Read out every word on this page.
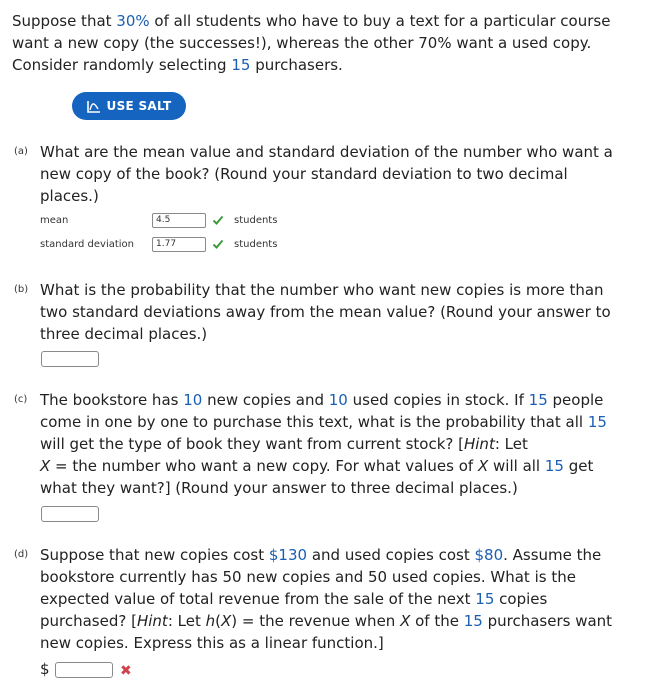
Suppose that 30% of all students who have to buy a text for a particular course
want a new copy (the successes!), whereas the other 70% want a used copy.
Consider randomly selecting 15 purchasers.
USE SALT
(a) What are the mean value and standard deviation of the number who want a
new copy of the book? (Round your standard deviation to two decimal
places.)
mean
4.5	students
standard deviation
1.77	students
(b) What is the probability that the number who want new copies is more than
two standard deviations away from the mean value? (Round your answer to
three decimal places.)
(c) The bookstore has 10 new copies and 10 used copies in stock. If 15 people
come in one by one to purchase this text, what is the probability that all 15
will get the type of book they want from current stock? [Hint: Let
X = the number who want a new copy. For what values of X will all 15 get
what they want?] (Round your answer to three decimal places.)
(d) Suppose that new copies cost $130 and used copies cost $80. Assume the
bookstore currently has 50 new copies and 50 used copies. What is the
expected value of total revenue from the sale of the next 15 copies
purchased? [Hint: Let h(X) = the revenue when X of the 15 purchasers want
new copies. Express this as a linear function.]
$	✖
